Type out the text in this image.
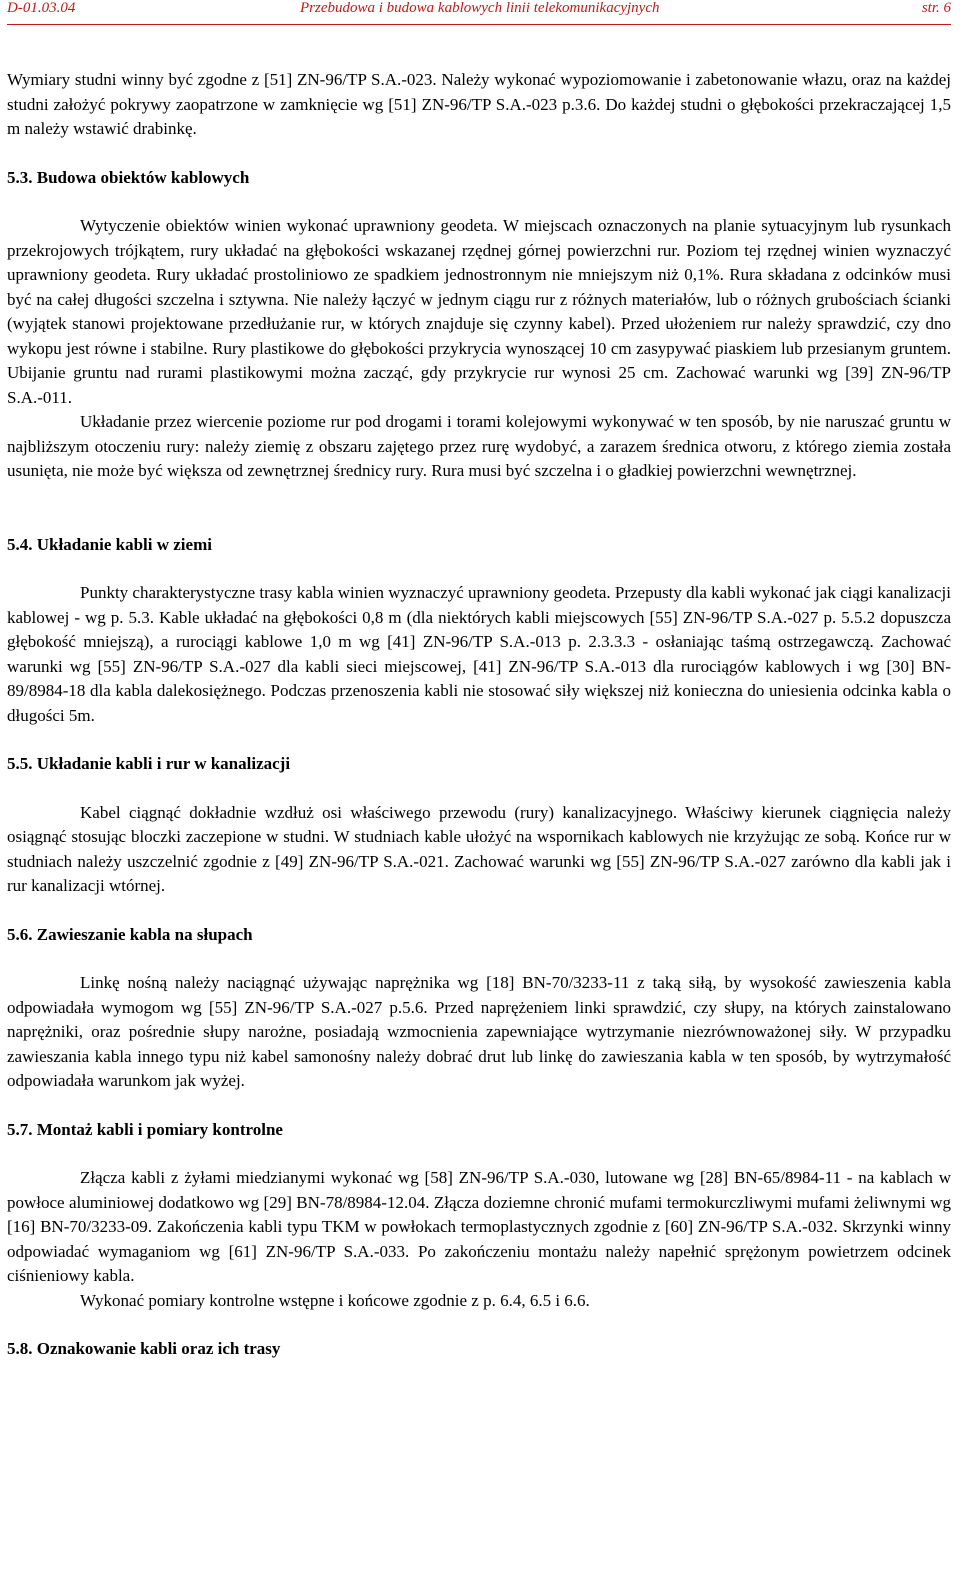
D-01.03.04	Przebudowa i budowa kablowych linii telekomunikacyjnych	str. 6

Wymiary studni winny być zgodne z [51] ZN-96/TP S.A.-023. Należy wykonać wypoziomowanie i zabetonowanie włazu, oraz na każdej studni założyć pokrywy zaopatrzone w zamknięcie wg [51] ZN-96/TP S.A.-023 p.3.6. Do każdej studni o głębokości przekraczającej 1,5 m należy wstawić drabinkę.

5.3. Budowa obiektów kablowych

Wytyczenie obiektów winien wykonać uprawniony geodeta. W miejscach oznaczonych na planie sytuacyjnym lub rysunkach przekrojowych trójkątem, rury układać na głębokości wskazanej rzędnej górnej powierzchni rur. Poziom tej rzędnej winien wyznaczyć uprawniony geodeta. Rury układać prostoliniowo ze spadkiem jednostronnym nie mniejszym niż 0,1%. Rura składana z odcinków musi być na całej długości szczelna i sztywna. Nie należy łączyć w jednym ciągu rur z różnych materiałów, lub o różnych grubościach ścianki (wyjątek stanowi projektowane przedłużanie rur, w których znajduje się czynny kabel). Przed ułożeniem rur należy sprawdzić, czy dno wykopu jest równe i stabilne. Rury plastikowe do głębokości przykrycia wynoszącej 10 cm zasypywać piaskiem lub przesianym gruntem. Ubijanie gruntu nad rurami plastikowymi można zacząć, gdy przykrycie rur wynosi 25 cm. Zachować warunki wg [39] ZN-96/TP S.A.-011.

Układanie przez wiercenie poziome rur pod drogami i torami kolejowymi wykonywać w ten sposób, by nie naruszać gruntu w najbliższym otoczeniu rury: należy ziemię z obszaru zajętego przez rurę wydobyć, a zarazem średnica otworu, z którego ziemia została usunięta, nie może być większa od zewnętrznej średnicy rury. Rura musi być szczelna i o gładkiej powierzchni wewnętrznej.

5.4. Układanie kabli w ziemi

Punkty charakterystyczne trasy kabla winien wyznaczyć uprawniony geodeta. Przepusty dla kabli wykonać jak ciągi kanalizacji kablowej - wg p. 5.3. Kable układać na głębokości 0,8 m (dla niektórych kabli miejscowych [55] ZN-96/TP S.A.-027 p. 5.5.2 dopuszcza głębokość mniejszą), a rurociągi kablowe 1,0 m wg [41] ZN-96/TP S.A.-013 p. 2.3.3.3 - osłaniając taśmą ostrzegawczą. Zachować warunki wg [55] ZN-96/TP S.A.-027 dla kabli sieci miejscowej, [41] ZN-96/TP S.A.-013 dla rurociągów kablowych i wg [30] BN-89/8984-18 dla kabla dalekosiężnego. Podczas przenoszenia kabli nie stosować siły większej niż konieczna do uniesienia odcinka kabla o długości 5m.

5.5. Układanie kabli i rur w kanalizacji

Kabel ciągnąć dokładnie wzdłuż osi właściwego przewodu (rury) kanalizacyjnego. Właściwy kierunek ciągnięcia należy osiągnąć stosując bloczki zaczepione w studni. W studniach kable ułożyć na wspornikach kablowych nie krzyżując ze sobą. Końce rur w studniach należy uszczelnić zgodnie z [49] ZN-96/TP S.A.-021. Zachować warunki wg [55] ZN-96/TP S.A.-027 zarówno dla kabli jak i rur kanalizacji wtórnej.

5.6. Zawieszanie kabla na słupach

Linkę nośną należy naciągnąć używając naprężnika wg [18] BN-70/3233-11 z taką siłą, by wysokość zawieszenia kabla odpowiadała wymogom wg [55] ZN-96/TP S.A.-027 p.5.6. Przed naprężeniem linki sprawdzić, czy słupy, na których zainstalowano naprężniki, oraz pośrednie słupy narożne, posiadają wzmocnienia zapewniające wytrzymanie niezrównoważonej siły. W przypadku zawieszania kabla innego typu niż kabel samonośny należy dobrać drut lub linkę do zawieszania kabla w ten sposób, by wytrzymałość odpowiadała warunkom jak wyżej.

5.7. Montaż kabli i pomiary kontrolne

Złącza kabli z żyłami miedzianymi wykonać wg [58] ZN-96/TP S.A.-030, lutowane wg [28] BN-65/8984-11 - na kablach w powłoce aluminiowej dodatkowo wg [29] BN-78/8984-12.04. Złącza doziemne chronić mufami termokurczliwymi mufami żeliwnymi wg [16] BN-70/3233-09. Zakończenia kabli typu TKM w powłokach termoplastycznych zgodnie z [60] ZN-96/TP S.A.-032. Skrzynki winny odpowiadać wymaganiom wg [61] ZN-96/TP S.A.-033. Po zakończeniu montażu należy napełnić sprężonym powietrzem odcinek ciśnieniowy kabla.

Wykonać pomiary kontrolne wstępne i końcowe zgodnie z p. 6.4, 6.5 i 6.6.

5.8. Oznakowanie kabli oraz ich trasy
